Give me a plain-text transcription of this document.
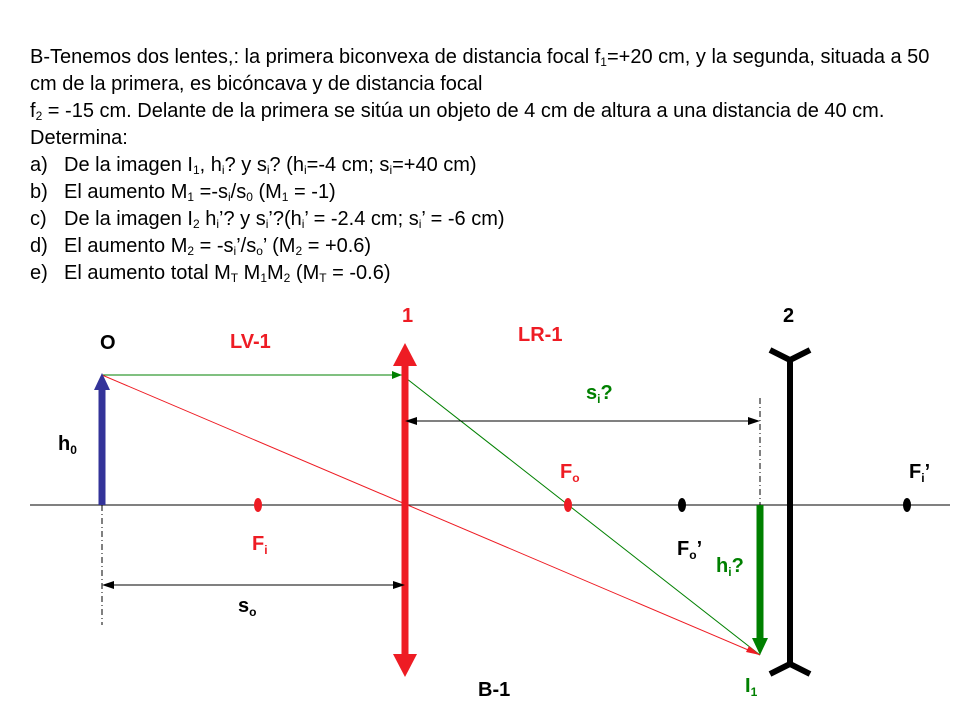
B-Tenemos dos lentes,: la primera biconvexa de distancia focal $f_1=+20$ cm, y la segunda, situada a 50 cm de la primera, es bicóncava y de distancia focal
$f_2 = -15$ cm. Delante de la primera se sitúa un objeto de 4 cm de altura a una distancia de 40 cm. Determina:

a) De la imagen $I_1$, $h_i$? y $s_i$? ($h_i=-4$ cm; $s_i=+40$ cm)
b) El aumento $M_1 =-s_i/s_0$ $(M_1 = -1)$
c) De la imagen $I_2$ $h_i$’? y $s_i’?(h_i$’ = -2.4 cm; $s_i$’ = -6 cm)
d) El aumento $M_2$ = $-s_i’/s_o$’ $(M_2 = +0.6)$
e) El aumento total $M_T$ $M_1M_2$ $(M_T = -0.6)$
1	2
O	LV-1	LR-1
$s_i$?
$h_0$
$F_o$	$F_i$’
$F_i$	$F_o$’
$h_i$?
$s_o$
$I_1$
B-1
